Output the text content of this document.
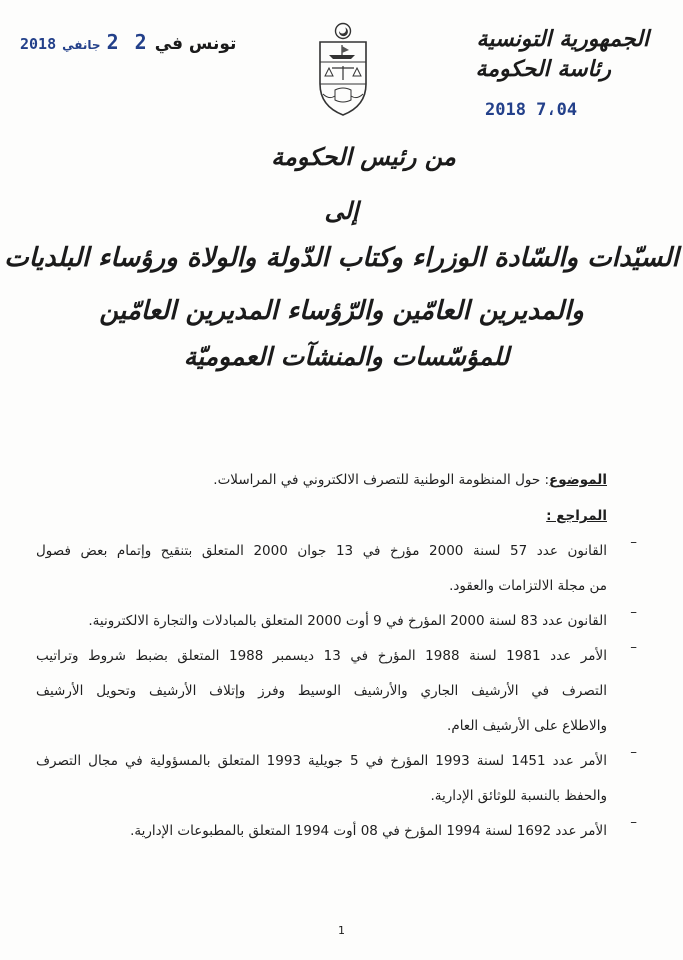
الجمهورية التونسية
رئاسة الحكومة
2018 7،04
تونس في
2018 جانفي 2 2
من رئيس الحكومة
إلى
السيّدات والسّادة الوزراء وكتاب الدّولة والولاة ورؤساء البلديات
والمديرين العامّين والرّؤساء المديرين العامّين
للمؤسّسات والمنشآت العموميّة
الموضوع: حول المنظومة الوطنية للتصرف الالكتروني في المراسلات.
المراجع :
–
القانون عدد 57 لسنة 2000 مؤرخ في 13 جوان 2000 المتعلق بتنقيح وإتمام بعض فصول
من مجلة الالتزامات والعقود.
–
القانون عدد 83 لسنة 2000 المؤرخ في 9 أوت 2000 المتعلق بالمبادلات والتجارة الالكترونية.
–
الأمر عدد 1981 لسنة 1988 المؤرخ في 13 ديسمبر 1988 المتعلق بضبط شروط وتراتيب
التصرف في الأرشيف الجاري والأرشيف الوسيط وفرز وإتلاف الأرشيف وتحويل الأرشيف
والاطلاع على الأرشيف العام.
–
الأمر عدد 1451 لسنة 1993 المؤرخ في 5 جويلية 1993 المتعلق بالمسؤولية في مجال التصرف
والحفظ بالنسبة للوثائق الإدارية.
–
الأمر عدد 1692 لسنة 1994 المؤرخ في 08 أوت 1994 المتعلق بالمطبوعات الإدارية.
1
